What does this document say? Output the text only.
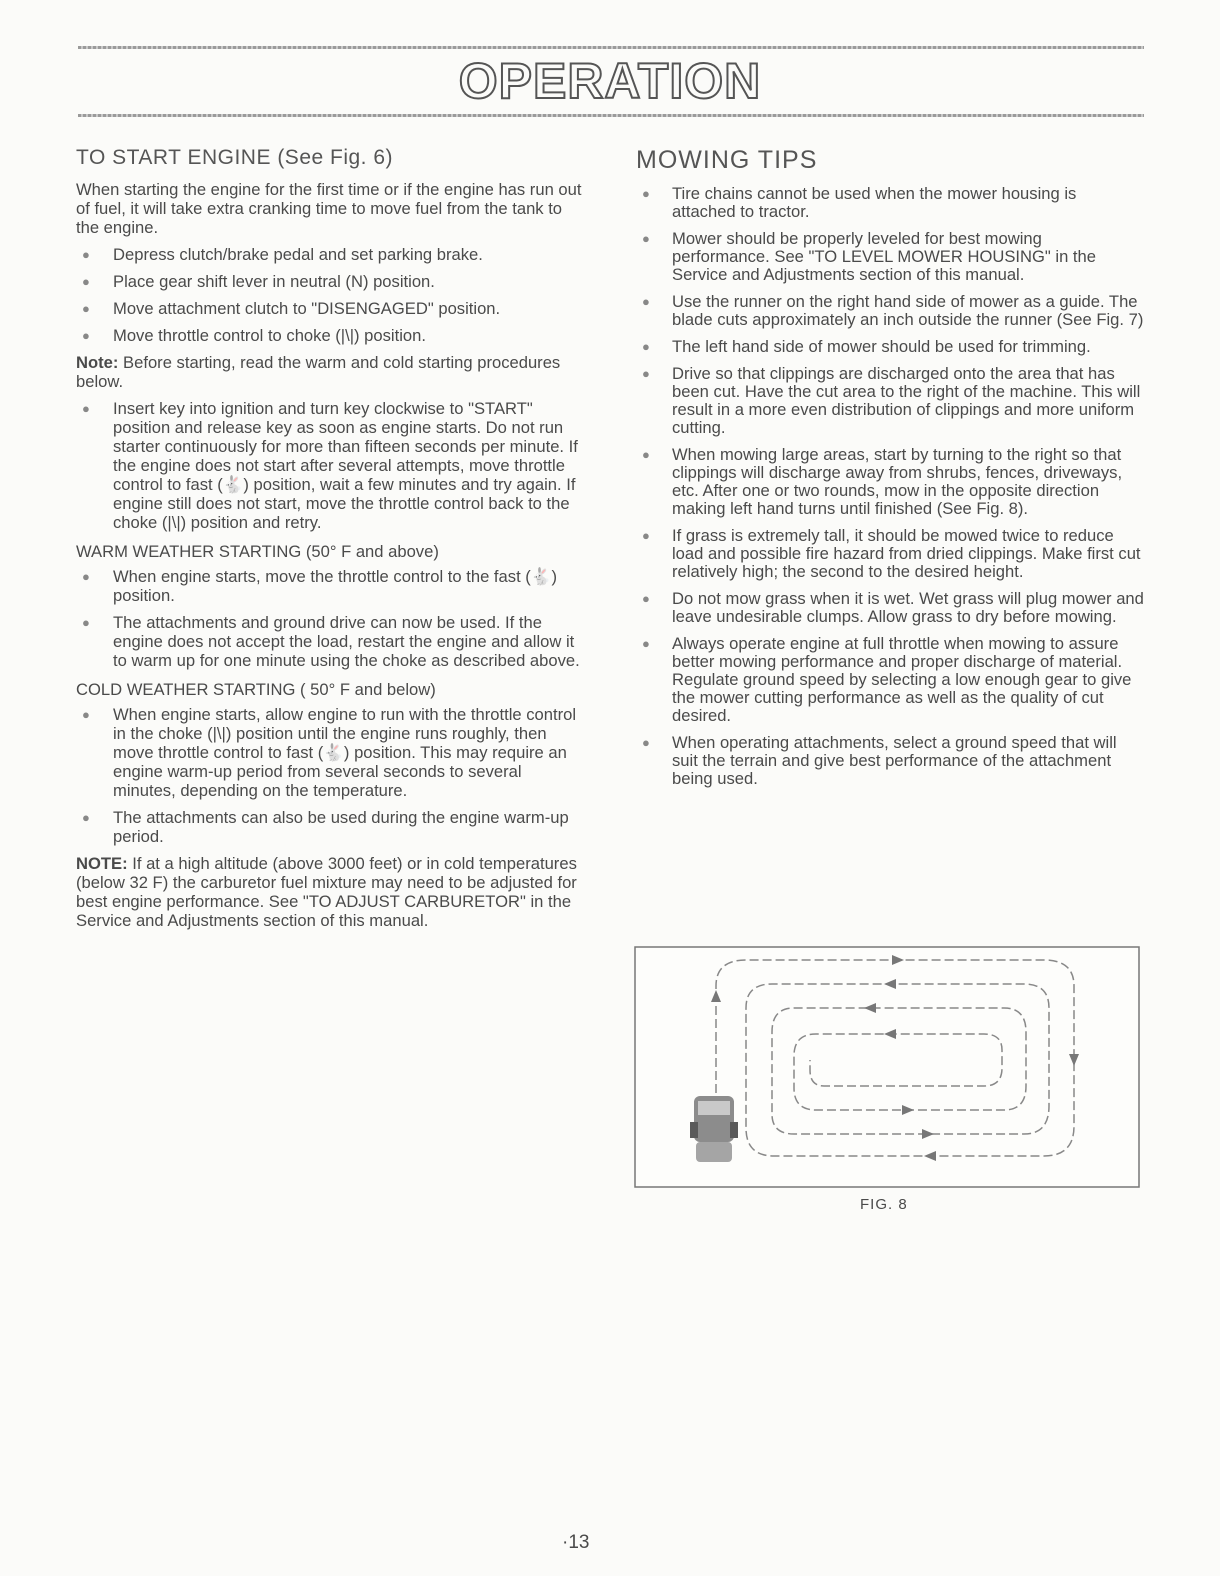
OPERATION
TO START ENGINE (See Fig. 6)

When starting the engine for the first time or if the engine has run out of fuel, it will take extra cranking time to move fuel from the tank to the engine.

● Depress clutch/brake pedal and set parking brake.
● Place gear shift lever in neutral (N) position.
● Move attachment clutch to "DISENGAGED" position.
● Move throttle control to choke (|\|) position.

Note: Before starting, read the warm and cold starting procedures below.

● Insert key into ignition and turn key clockwise to "START" position and release key as soon as engine starts. Do not run starter continuously for more than fifteen seconds per minute. If the engine does not start after several attempts, move throttle control to fast (🐇) position, wait a few minutes and try again. If engine still does not start, move the throttle control back to the choke (|\|) position and retry.
WARM WEATHER STARTING (50° F and above)
● When engine starts, move the throttle control to the fast (🐇) position.
● The attachments and ground drive can now be used. If the engine does not accept the load, restart the engine and allow it to warm up for one minute using the choke as described above.
COLD WEATHER STARTING ( 50° F and below)
● When engine starts, allow engine to run with the throttle control in the choke (|\|) position until the engine runs roughly, then move throttle control to fast (🐇) position. This may require an engine warm-up period from several seconds to several minutes, depending on the temperature.
● The attachments can also be used during the engine warm-up period.

NOTE: If at a high altitude (above 3000 feet) or in cold temperatures (below 32 F) the carburetor fuel mixture may need to be adjusted for best engine performance. See "TO ADJUST CARBURETOR" in the Service and Adjustments section of this manual.

MOWING TIPS
● Tire chains cannot be used when the mower housing is attached to tractor.
● Mower should be properly leveled for best mowing performance. See "TO LEVEL MOWER HOUSING" in the Service and Adjustments section of this manual.
● Use the runner on the right hand side of mower as a guide. The blade cuts approximately an inch outside the runner (See Fig. 7)
● The left hand side of mower should be used for trimming.
● Drive so that clippings are discharged onto the area that has been cut. Have the cut area to the right of the machine. This will result in a more even distribution of clippings and more uniform cutting.
● When mowing large areas, start by turning to the right so that clippings will discharge away from shrubs, fences, driveways, etc. After one or two rounds, mow in the opposite direction making left hand turns until finished (See Fig. 8).
● If grass is extremely tall, it should be mowed twice to reduce load and possible fire hazard from dried clippings. Make first cut relatively high; the second to the desired height.
● Do not mow grass when it is wet. Wet grass will plug mower and leave undesirable clumps. Allow grass to dry before mowing.
● Always operate engine at full throttle when mowing to assure better mowing performance and proper discharge of material. Regulate ground speed by selecting a low enough gear to give the mower cutting performance as well as the quality of cut desired.
● When operating attachments, select a ground speed that will suit the terrain and give best performance of the attachment being used.
FIG. 8
·13
